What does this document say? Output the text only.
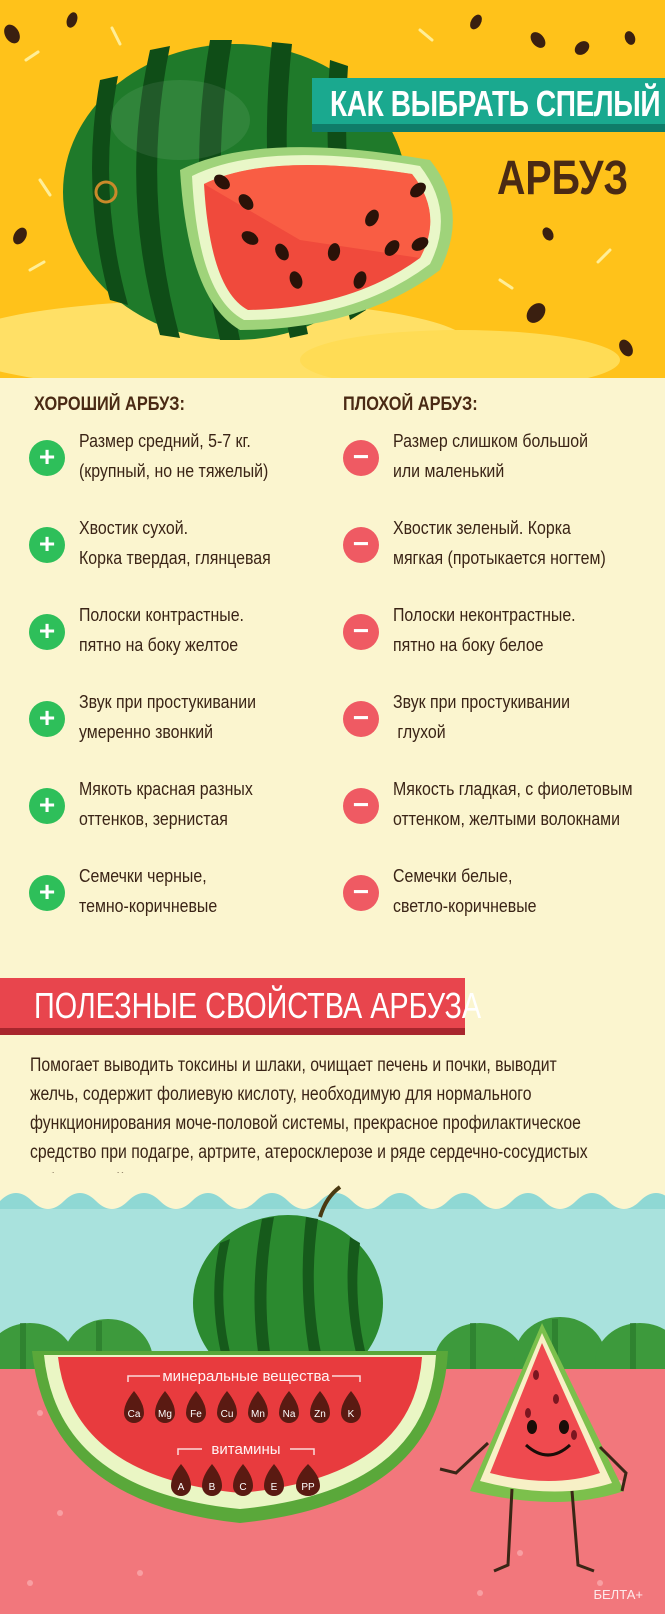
КАК ВЫБРАТЬ СПЕЛЫЙ
АРБУЗ
ХОРОШИЙ АРБУЗ:	ПЛОХОЙ АРБУЗ:
+
Размер средний, 5-7 кг.
(крупный, но не тяжелый)
+
Хвостик сухой.
Корка твердая, глянцевая
+
Полоски контрастные.
пятно на боку желтое
+
Звук при простукивании
умеренно звонкий
+
Мякоть красная разных
оттенков, зернистая
+
Семечки черные,
темно-коричневые
−
Размер слишком большой
или маленький
−
Хвостик зеленый. Корка
мягкая (протыкается ногтем)
−
Полоски неконтрастные.
пятно на боку белое
−
Звук при простукивании
глухой
−
Мякость гладкая, с фиолетовым
оттенком, желтыми волокнами
−
Семечки белые,
светло-коричневые
ПОЛЕЗНЫЕ СВОЙСТВА АРБУЗА
Помогает выводить токсины и шлаки, очищает печень и почки, выводит
желчь, содержит фолиевую кислоту, необходимую для нормального
функционирования моче-половой системы, прекрасное профилактическое
средство при подагре, артрите, атеросклерозе и ряде сердечно-сосудистых
минеральные вещества
витамины
Ca Mg Fe Cu Mn Na Zn K
A B C E PP
БЕЛТА+
